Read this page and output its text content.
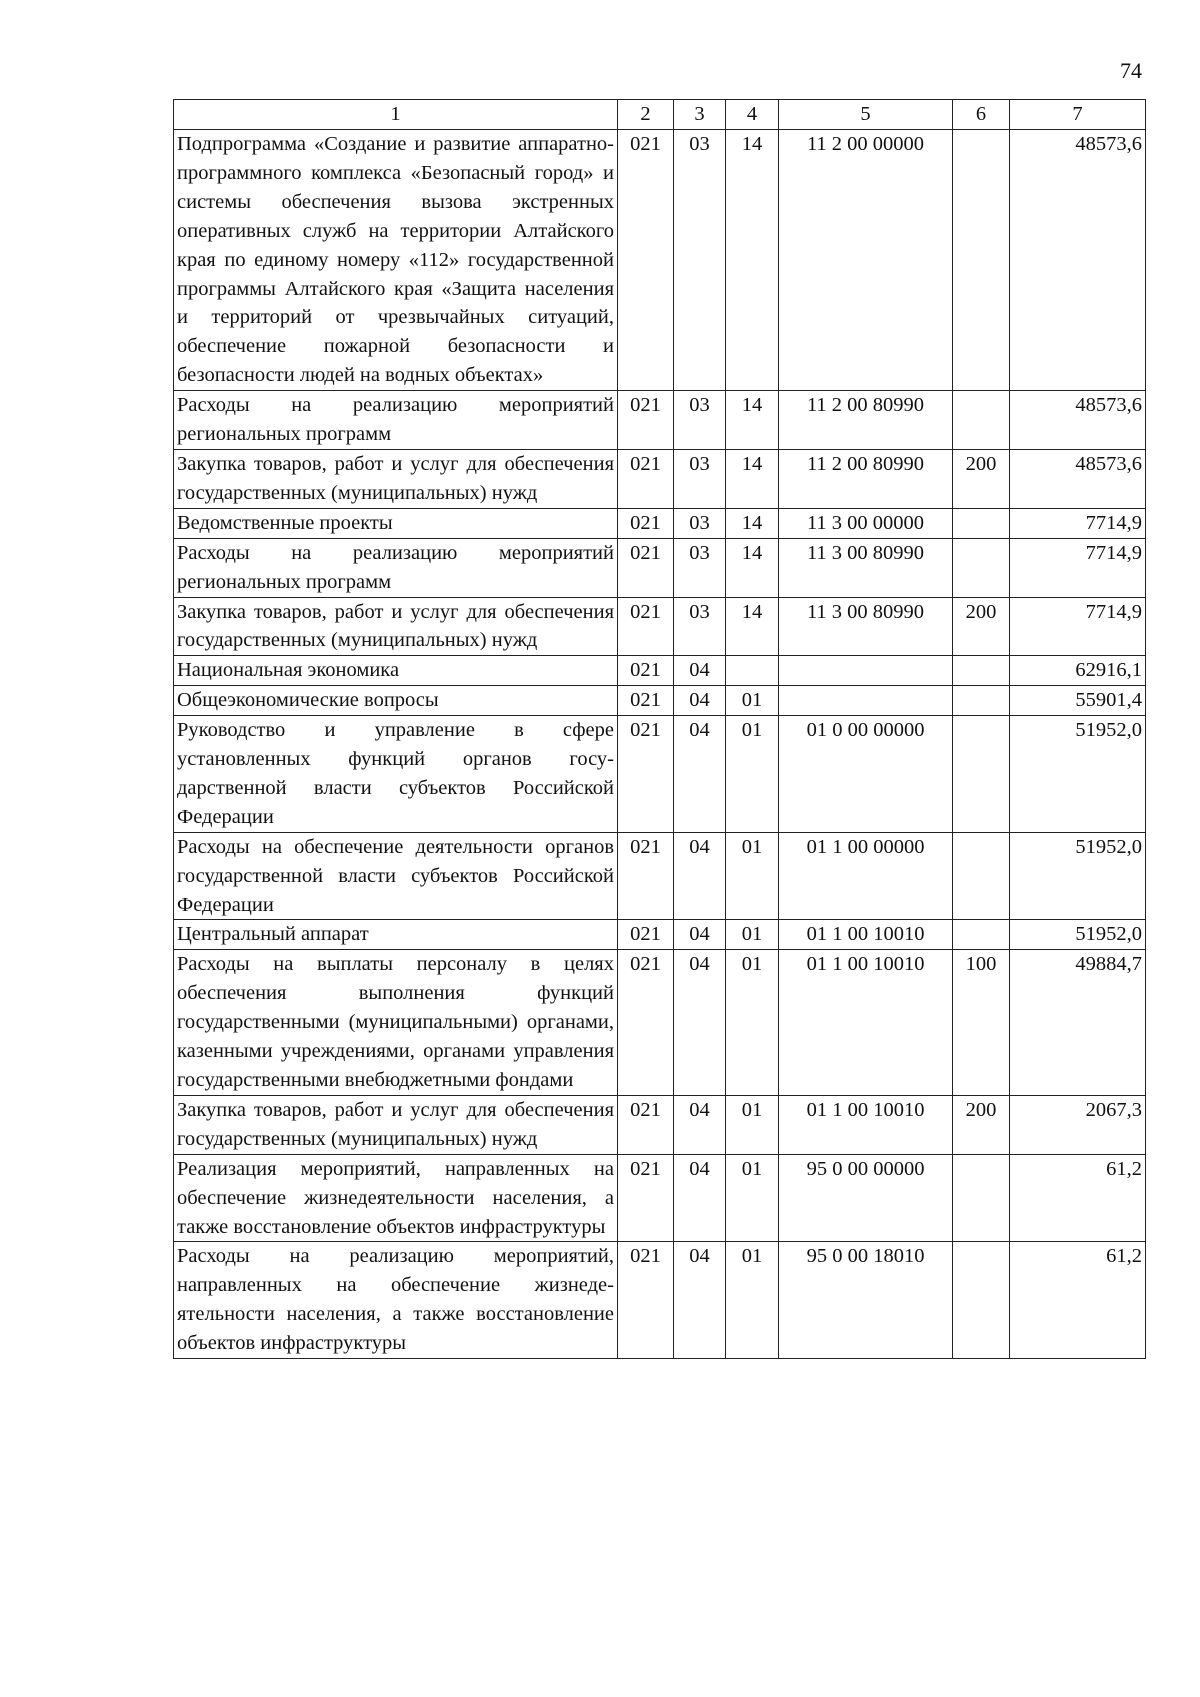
74
1	2	3	4	5	6	7
Подпрограмма «Создание и развитие аппаратно-программного комплекса «Безопасный город» и системы обеспечения вызова экстренных оперативных служб на территории Алтайского края по единому номеру «112» государственной программы Алтайского края «Защита населения и территорий от чрезвычайных ситуаций, обеспечение пожарной безопасности и безопасности людей на водных объектах»	021	03	14	11 2 00 00000		48573,6
Расходы на реализацию мероприятий региональных программ	021	03	14	11 2 00 80990		48573,6
Закупка товаров, работ и услуг для обеспечения государственных (муниципальных) нужд	021	03	14	11 2 00 80990	200	48573,6
Ведомственные проекты	021	03	14	11 3 00 00000		7714,9
Расходы на реализацию мероприятий региональных программ	021	03	14	11 3 00 80990		7714,9
Закупка товаров, работ и услуг для обеспечения государственных (муниципальных) нужд	021	03	14	11 3 00 80990	200	7714,9
Национальная экономика	021	04				62916,1
Общеэкономические вопросы	021	04	01			55901,4
Руководство и управление в сфере установленных функций органов государственной власти субъектов Российской Федерации	021	04	01	01 0 00 00000		51952,0
Расходы на обеспечение деятельности органов государственной власти субъектов Российской Федерации	021	04	01	01 1 00 00000		51952,0
Центральный аппарат	021	04	01	01 1 00 10010		51952,0
Расходы на выплаты персоналу в целях обеспечения выполнения функций государственными (муниципальными) органами, казенными учреждениями, органами управления государственными внебюджетными фондами	021	04	01	01 1 00 10010	100	49884,7
Закупка товаров, работ и услуг для обеспечения государственных (муниципальных) нужд	021	04	01	01 1 00 10010	200	2067,3
Реализация мероприятий, направленных на обеспечение жизнедеятельности населения, а также восстановление объектов инфраструктуры	021	04	01	95 0 00 00000		61,2
Расходы на реализацию мероприятий, направленных на обеспечение жизнедеятельности населения, а также восстановление объектов инфраструктуры	021	04	01	95 0 00 18010		61,2
